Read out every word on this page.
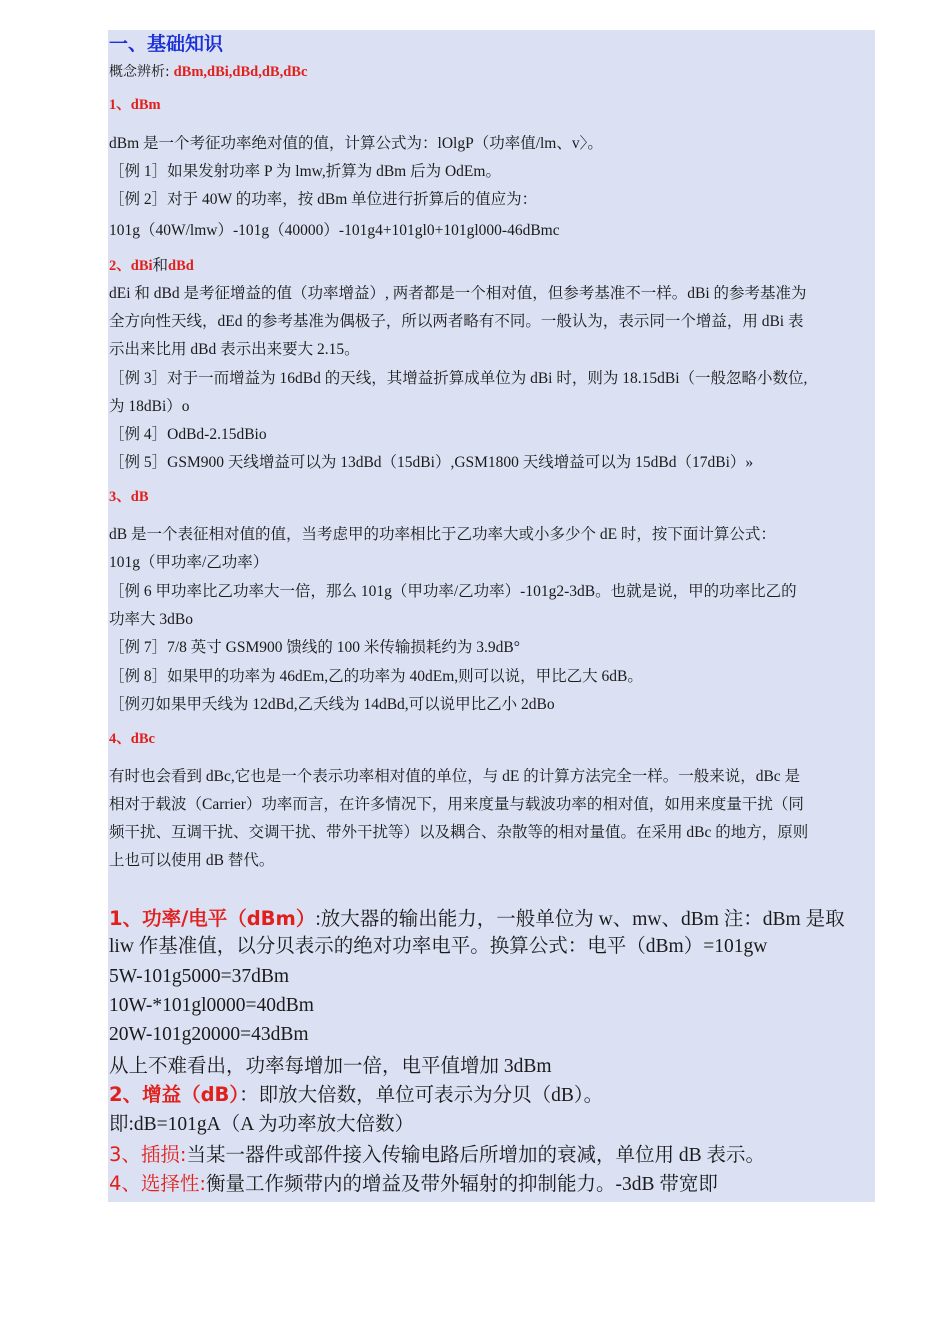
一、基础知识
概念辨析: dBm,dBi,dBd,dB,dBc
1、dBm
dBm 是一个考征功率绝对值的值，计算公式为：lOlgP（功率值/lm、v〉。
［例 1］如果发射功率 P 为 lmw,折算为 dBm 后为 OdEm。
［例 2］对于 40W 的功率，按 dBm 单位进行折算后的值应为：
101g（40W/lmw）-101g（40000）-101g4+101gl0+101gl000-46dBmc
2、dBi和dBd
dEi 和 dBd 是考征增益的值（功率增益）, 两者都是一个相对值，但参考基准不一样。dBi 的参考基准为
全方向性天线，dEd 的参考基准为偶极子，所以两者略有不同。一般认为，表示同一个增益，用 dBi 表
示出来比用 dBd 表示出来要大 2.15。
［例 3］对于一而增益为 16dBd 的天线，其增益折算成单位为 dBi 时，则为 18.15dBi（一般忽略小数位,
为 18dBi）o
［例 4］OdBd-2.15dBio
［例 5］GSM900 天线增益可以为 13dBd（15dBi）,GSM1800 天线增益可以为 15dBd（17dBi）»
3、dB
dB 是一个表征相对值的值，当考虑甲的功率相比于乙功率大或小多少个 dE 时，按下面计算公式：
101g（甲功率/乙功率）
［例 6 甲功率比乙功率大一倍，那么 101g（甲功率/乙功率）-101g2-3dB。也就是说，甲的功率比乙的
功率大 3dBo
［例 7］7/8 英寸 GSM900 馈线的 100 米传输损耗约为 3.9dB°
［例 8］如果甲的功率为 46dEm,乙的功率为 40dEm,则可以说，甲比乙大 6dB。
［例刃如果甲夭线为 12dBd,乙夭线为 14dBd,可以说甲比乙小 2dBo
4、dBc
有时也会看到 dBc,它也是一个表示功率相对值的单位，与 dE 的计算方法完全一样。一般来说，dBc 是
相对于载波（Carrier）功率而言，在许多情况下，用来度量与载波功率的相对值，如用来度量干扰（同
频干扰、互调干扰、交调干扰、带外干扰等）以及耦合、杂散等的相对量值。在采用 dBc 的地方，原则
上也可以使用 dB 替代。
1、功率/电平（dBm）:放大器的输出能力，一般单位为 w、mw、dBm 注：dBm 是取
liw 作基准值，以分贝表示的绝对功率电平。换算公式：电平（dBm）=101gw
5W-101g5000=37dBm
10W-*101gl0000=40dBm
20W-101g20000=43dBm
从上不难看出，功率每增加一倍，电平值增加 3dBm
2、增益（dB）：即放大倍数，单位可表示为分贝（dB）。
即:dB=101gA（A 为功率放大倍数）
3、插损:当某一器件或部件接入传输电路后所增加的衰减，单位用 dB 表示。
4、选择性:衡量工作频带内的增益及带外辐射的抑制能力。-3dB 带宽即
